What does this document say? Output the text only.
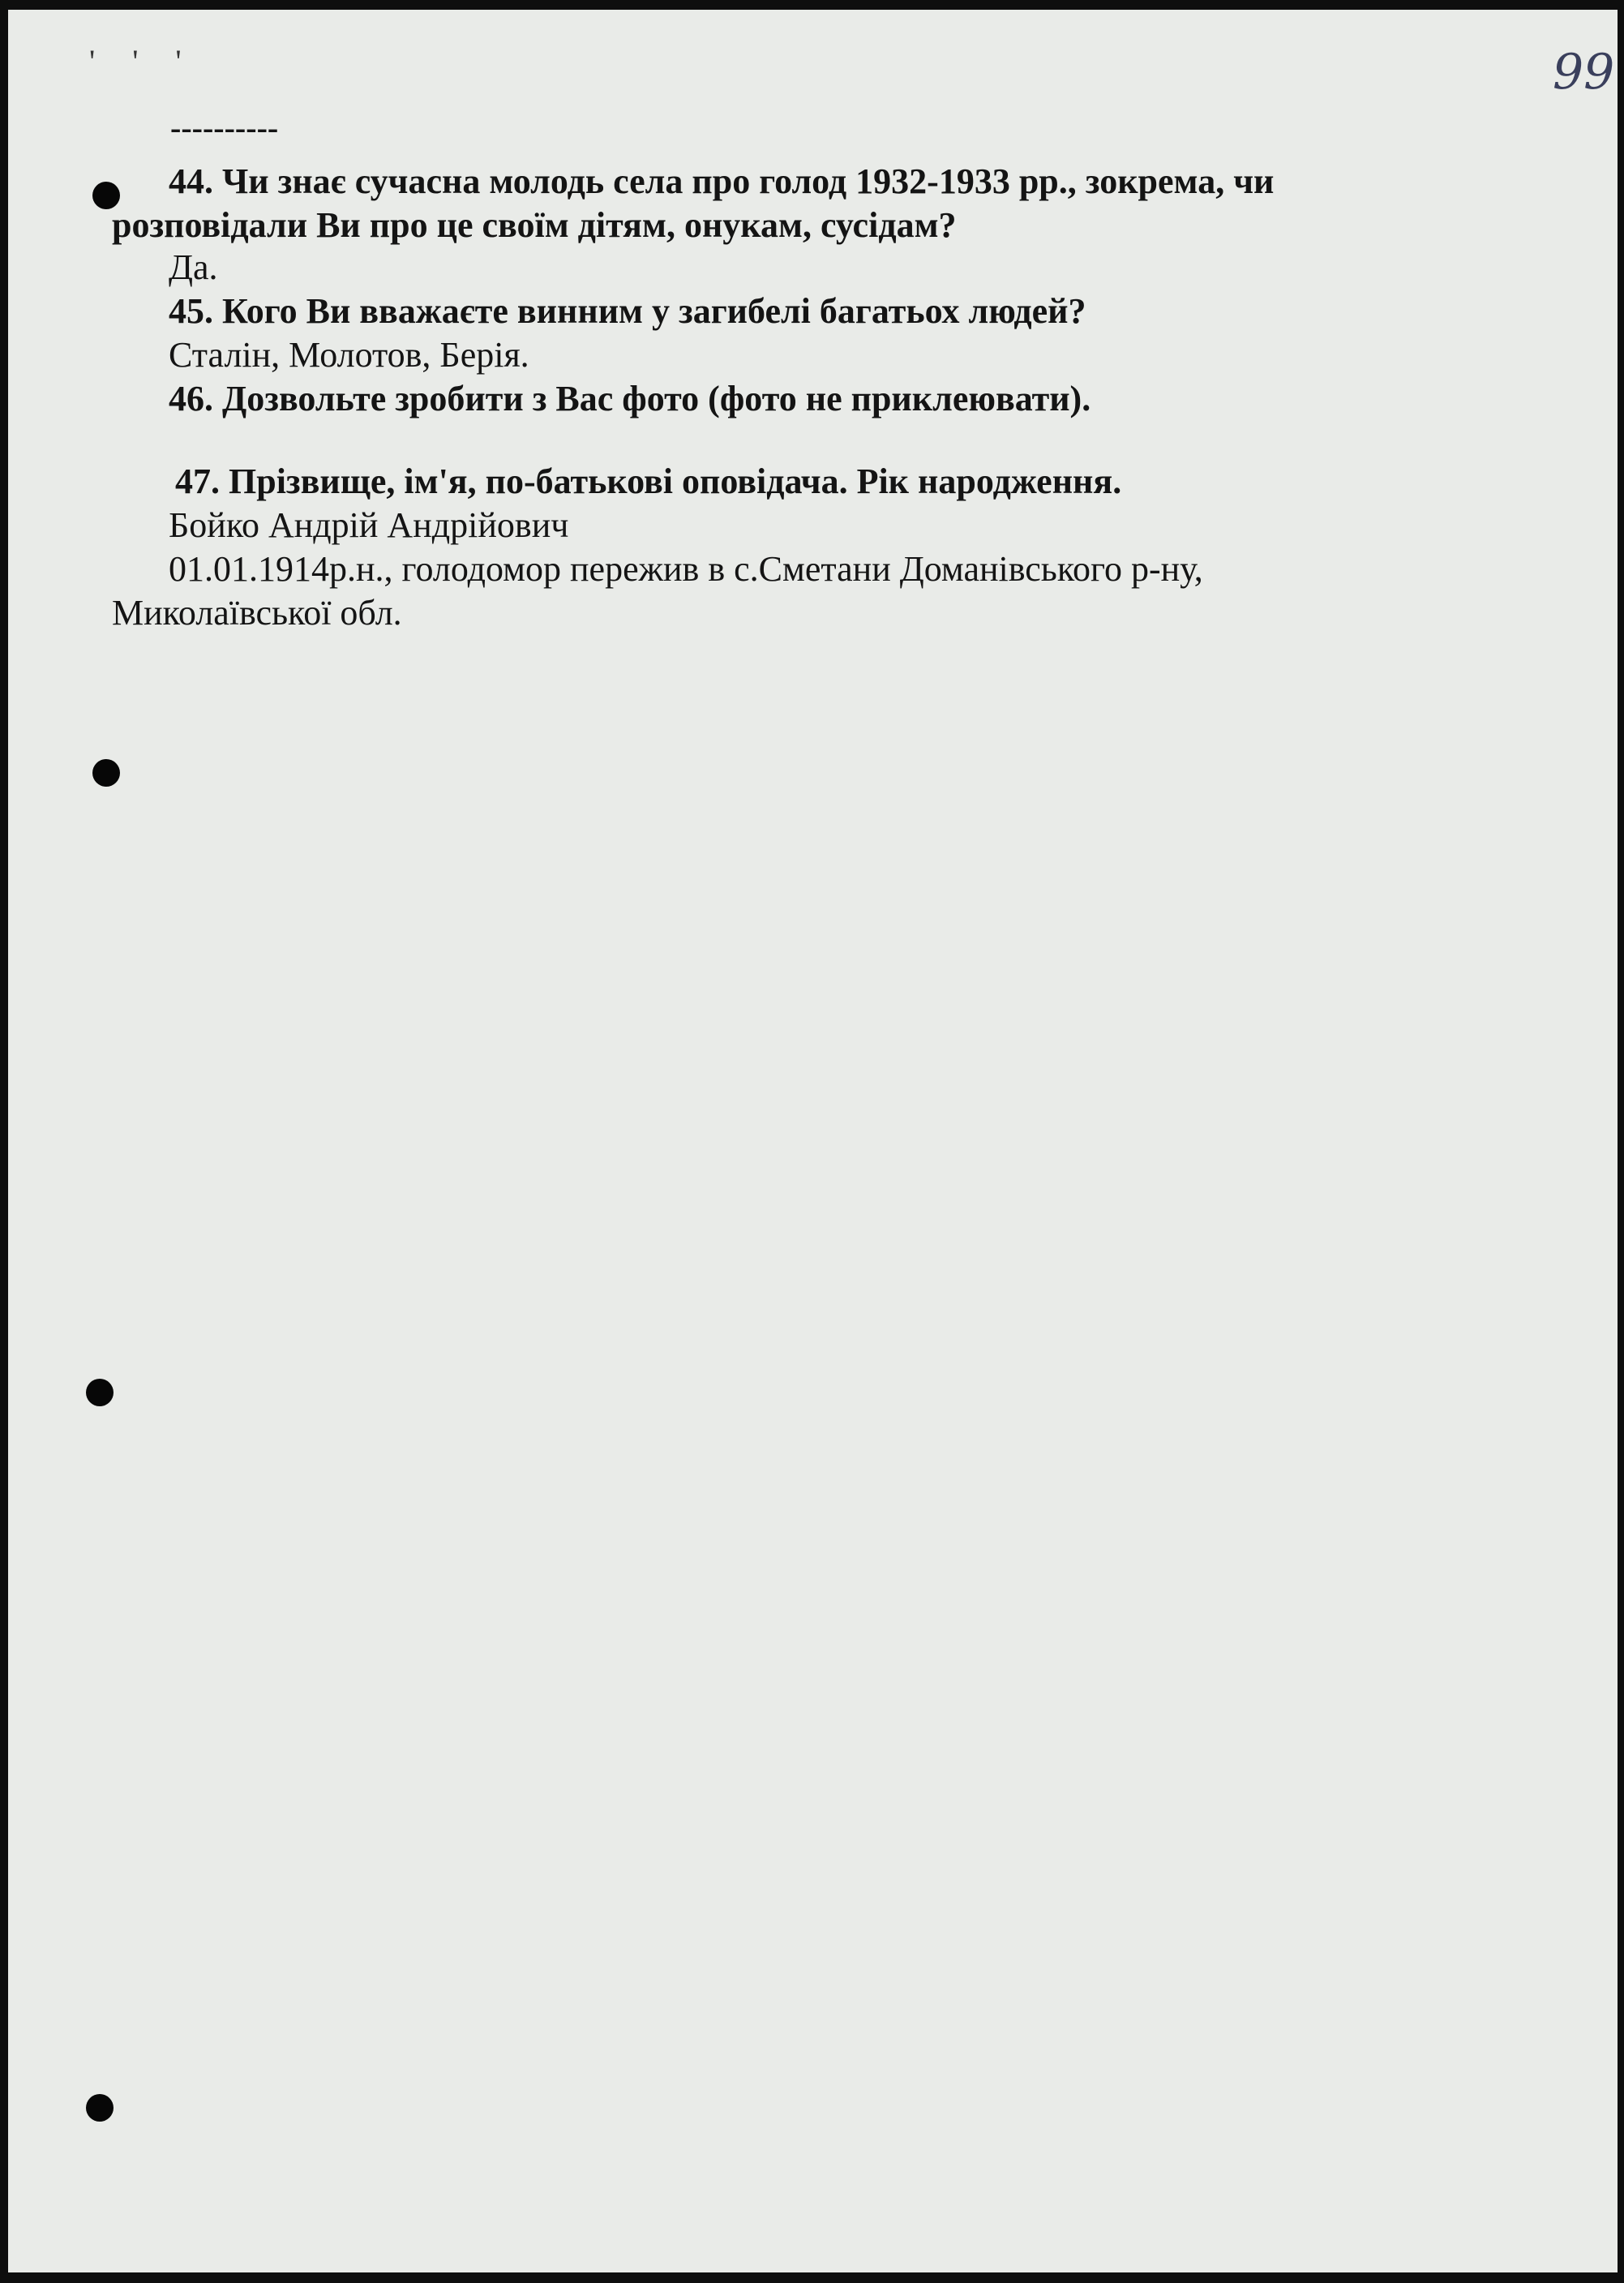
' ' '	99
----------
44. Чи знає сучасна молодь села про голод 1932-1933 рр., зокрема, чи
розповідали Ви про це своїм дітям, онукам, сусідам?
Да.
45. Кого Ви вважаєте винним у загибелі багатьох людей?
Сталін, Молотов, Берія.
46. Дозвольте зробити з Вас фото (фото не приклеювати).
47. Прізвище, ім'я, по-батькові оповідача. Рік народження.
Бойко Андрій Андрійович
01.01.1914р.н., голодомор пережив в с.Сметани Доманівського р-ну,
Миколаївської обл.
